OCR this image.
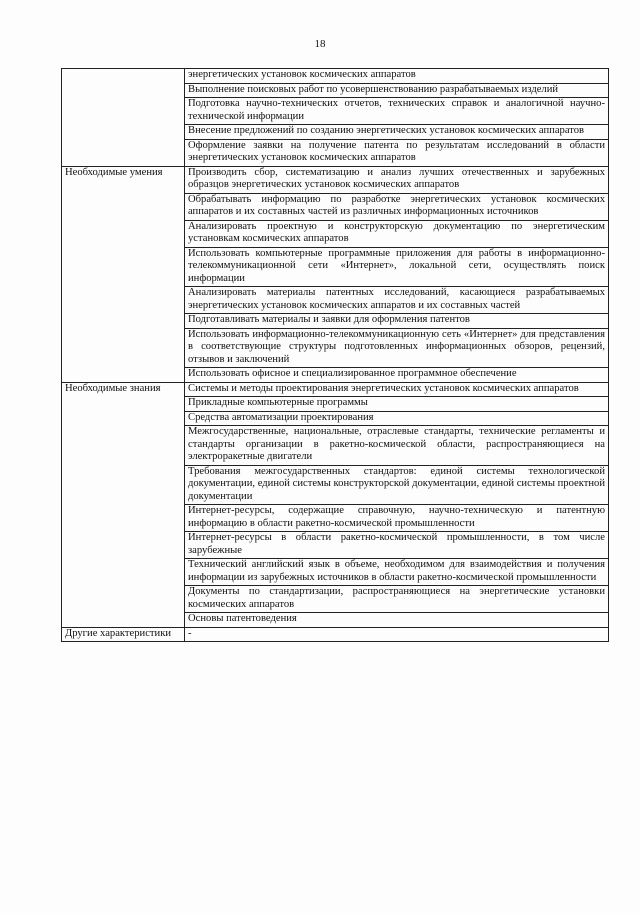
18
	энергетических установок космических аппаратов
	Выполнение поисковых работ по усовершенствованию разрабатываемых изделий
	Подготовка научно-технических отчетов, технических справок и аналогичной научно-технической информации
	Внесение предложений по созданию энергетических установок космических аппаратов
	Оформление заявки на получение патента по результатам исследований в области энергетических установок космических аппаратов
Необходимые умения	Производить сбор, систематизацию и анализ лучших отечественных и зарубежных образцов энергетических установок космических аппаратов
	Обрабатывать информацию по разработке энергетических установок космических аппаратов и их составных частей из различных информационных источников
	Анализировать проектную и конструкторскую документацию по энергетическим установкам космических аппаратов
	Использовать компьютерные программные приложения для работы в информационно-телекоммуникационной сети «Интернет», локальной сети, осуществлять поиск информации
	Анализировать материалы патентных исследований, касающиеся разрабатываемых энергетических установок космических аппаратов и их составных частей
	Подготавливать материалы и заявки для оформления патентов
	Использовать информационно-телекоммуникационную сеть «Интернет» для представления в соответствующие структуры подготовленных информационных обзоров, рецензий, отзывов и заключений
	Использовать офисное и специализированное программное обеспечение
Необходимые знания	Системы и методы проектирования энергетических установок космических аппаратов
	Прикладные компьютерные программы
	Средства автоматизации проектирования
	Межгосударственные, национальные, отраслевые стандарты, технические регламенты и стандарты организации в ракетно-космической области, распространяющиеся на электроракетные двигатели
	Требования межгосударственных стандартов: единой системы технологической документации, единой системы конструкторской документации, единой системы проектной документации
	Интернет-ресурсы, содержащие справочную, научно-техническую и патентную информацию в области ракетно-космической промышленности
	Интернет-ресурсы в области ракетно-космической промышленности, в том числе зарубежные
	Технический английский язык в объеме, необходимом для взаимодействия и получения информации из зарубежных источников в области ракетно-космической промышленности
	Документы по стандартизации, распространяющиеся на энергетические установки космических аппаратов
	Основы патентоведения
Другие характеристики	-
